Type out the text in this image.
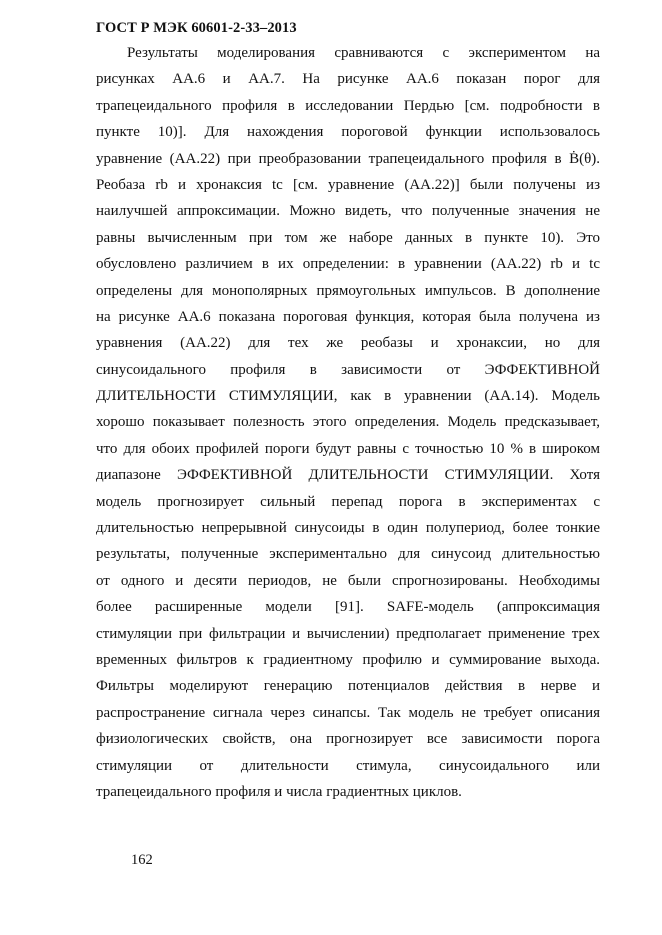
ГОСТ Р МЭК 60601-2-33–2013
Результаты моделирования сравниваются с экспериментом на
рисунках АА.6 и АА.7. На рисунке АА.6 показан порог для
трапецеидального профиля в исследовании Пердью [см. подробности в
пункте 10)]. Для нахождения пороговой функции использовалось
уравнение (АА.22) при преобразовании трапецеидального профиля в Ḃ(θ).
Реобаза rb и хронаксия tc [см. уравнение (АА.22)] были получены из
наилучшей аппроксимации. Можно видеть, что полученные значения не
равны вычисленным при том же наборе данных в пункте 10). Это
обусловлено различием в их определении: в уравнении (АА.22) rb и tc
определены для монополярных прямоугольных импульсов. В дополнение
на рисунке АА.6 показана пороговая функция, которая была получена из
уравнения (АА.22) для тех же реобазы и хронаксии, но для
синусоидального профиля в зависимости от ЭФФЕКТИВНОЙ
ДЛИТЕЛЬНОСТИ СТИМУЛЯЦИИ, как в уравнении (АА.14). Модель
хорошо показывает полезность этого определения. Модель предсказывает,
что для обоих профилей пороги будут равны с точностью 10 % в широком
диапазоне ЭФФЕКТИВНОЙ ДЛИТЕЛЬНОСТИ СТИМУЛЯЦИИ. Хотя
модель прогнозирует сильный перепад порога в экспериментах с
длительностью непрерывной синусоиды в один полупериод, более тонкие
результаты, полученные экспериментально для синусоид длительностью
от одного и десяти периодов, не были спрогнозированы. Необходимы
более расширенные модели [91]. SAFE-модель (аппроксимация
стимуляции при фильтрации и вычислении) предполагает применение трех
временных фильтров к градиентному профилю и суммирование выхода.
Фильтры моделируют генерацию потенциалов действия в нерве и
распространение сигнала через синапсы. Так модель не требует описания
физиологических свойств, она прогнозирует все зависимости порога
стимуляции от длительности стимула, синусоидального или
трапецеидального профиля и числа градиентных циклов.
162
